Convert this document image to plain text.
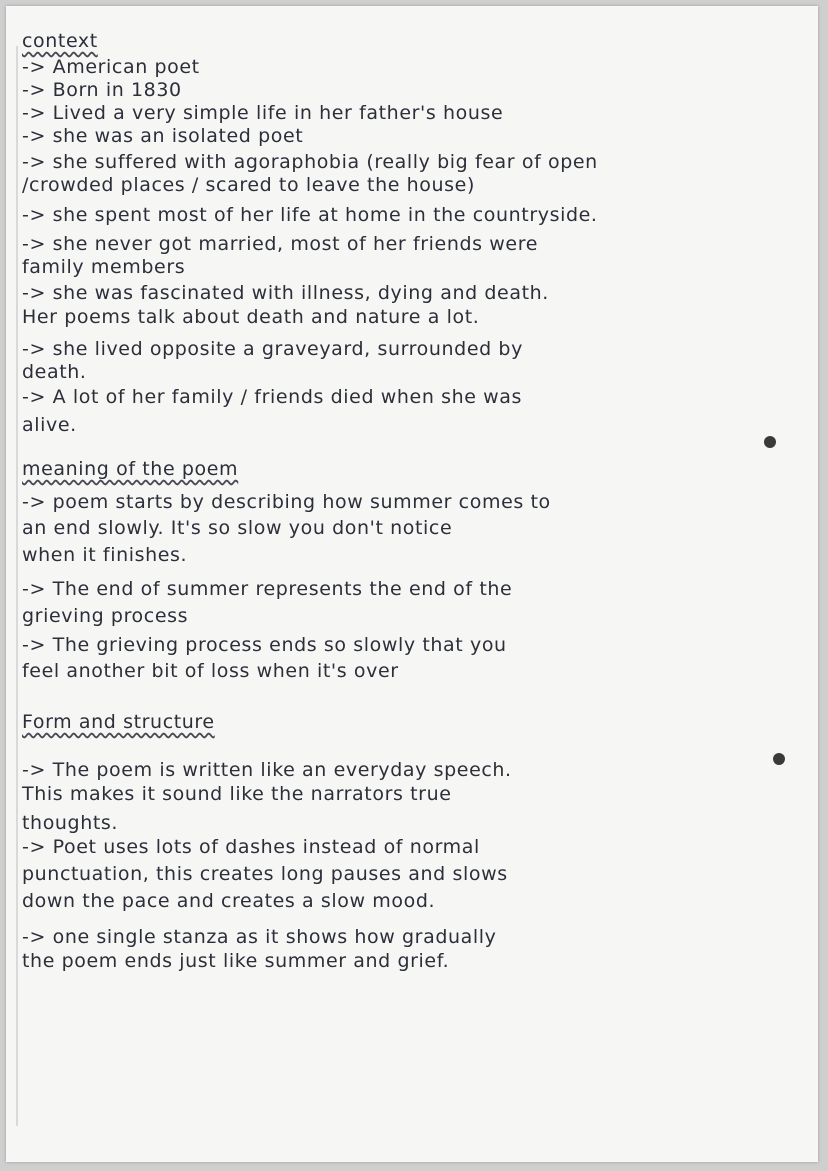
context
-> American poet
-> Born in 1830
-> Lived a very simple life in her father's house
-> she was an isolated poet
-> she suffered with agoraphobia (really big fear of open
/crowded places / scared to leave the house)
-> she spent most of her life at home in the countryside.
-> she never got married, most of her friends were
family members
-> she was fascinated with illness, dying and death.
Her poems talk about death and nature a lot.
-> she lived opposite a graveyard, surrounded by
death.
-> A lot of her family / friends died when she was
alive.
meaning of the poem
-> poem starts by describing how summer comes to
an end slowly. It's so slow you don't notice
when it finishes.
-> The end of summer represents the end of the
grieving process
-> The grieving process ends so slowly that you
feel another bit of loss when it's over
Form and structure
-> The poem is written like an everyday speech.
This makes it sound like the narrators true
thoughts.
-> Poet uses lots of dashes instead of normal
punctuation, this creates long pauses and slows
down the pace and creates a slow mood.
-> one single stanza as it shows how gradually
the poem ends just like summer and grief.
